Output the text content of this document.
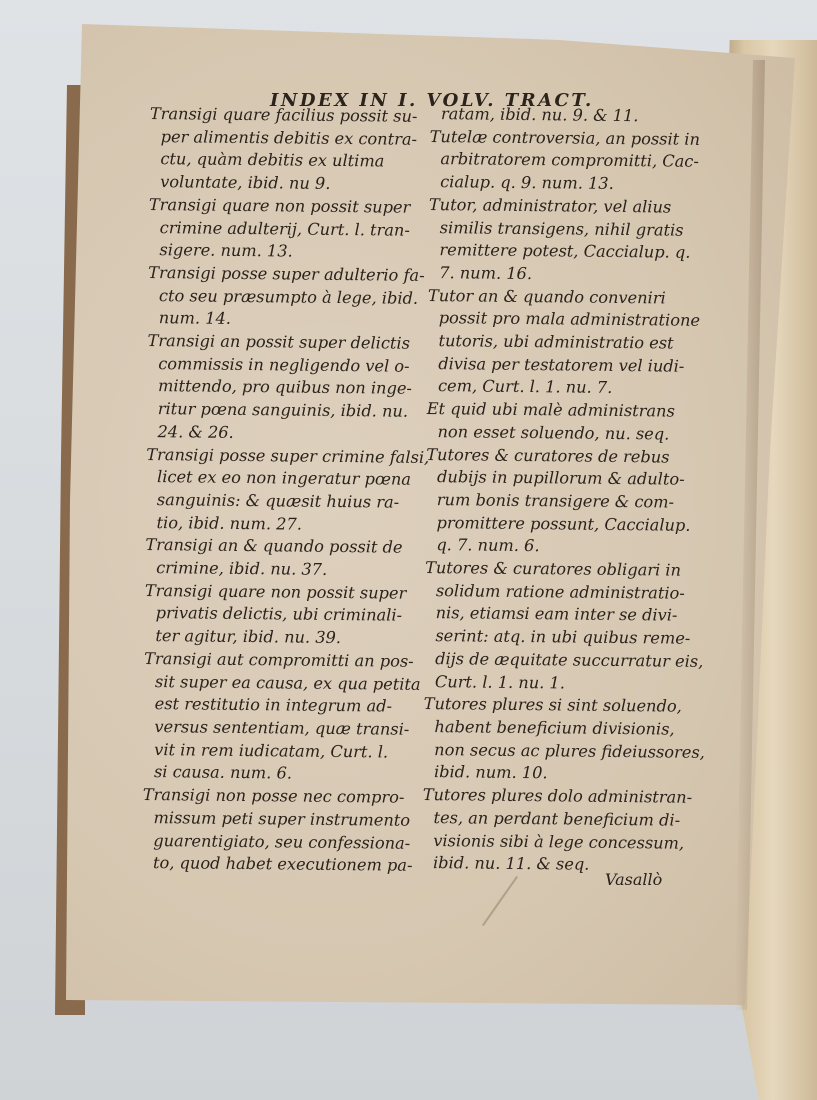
INDEX IN I. VOLV. TRACT.
Transigi quare facilius possit su-
per alimentis debitis ex contra-
ctu, quàm debitis ex ultima
voluntate, ibid. nu 9.
Transigi quare non possit super
crimine adulterij, Curt. l. tran-
sigere. num. 13.
Transigi posse super adulterio fa-
cto seu præsumpto à lege, ibid.
num. 14.
Transigi an possit super delictis
commissis in negligendo vel o-
mittendo, pro quibus non inge-
ritur pœna sanguinis, ibid. nu.
24. & 26.
Transigi posse super crimine falsi,
licet ex eo non ingeratur pœna
sanguinis: & quæsit huius ra-
tio, ibid. num. 27.
Transigi an & quando possit de
crimine, ibid. nu. 37.
Transigi quare non possit super
privatis delictis, ubi criminali-
ter agitur, ibid. nu. 39.
Transigi aut compromitti an pos-
sit super ea causa, ex qua petita
est restitutio in integrum ad-
versus sententiam, quæ transi-
vit in rem iudicatam, Curt. l.
si causa. num. 6.
Transigi non posse nec compro-
missum peti super instrumento
guarentigiato, seu confessiona-
to, quod habet executionem pa-
ratam, ibid. nu. 9. & 11.
Tutelæ controversia, an possit in
arbitratorem compromitti, Cac-
cialup. q. 9. num. 13.
Tutor, administrator, vel alius
similis transigens, nihil gratis
remittere potest, Caccialup. q.
7. num. 16.
Tutor an & quando conveniri
possit pro mala administratione
tutoris, ubi administratio est
divisa per testatorem vel iudi-
cem, Curt. l. 1. nu. 7.
Et quid ubi malè administrans
non esset soluendo, nu. seq.
Tutores & curatores de rebus
dubijs in pupillorum & adulto-
rum bonis transigere & com-
promittere possunt, Caccialup.
q. 7. num. 6.
Tutores & curatores obligari in
solidum ratione administratio-
nis, etiamsi eam inter se divi-
serint: atq. in ubi quibus reme-
dijs de æquitate succurratur eis,
Curt. l. 1. nu. 1.
Tutores plures si sint soluendo,
habent beneficium divisionis,
non secus ac plures fideiussores,
ibid. num. 10.
Tutores plures dolo administran-
tes, an perdant beneficium di-
visionis sibi à lege concessum,
ibid. nu. 11. & seq.
Vasallò
